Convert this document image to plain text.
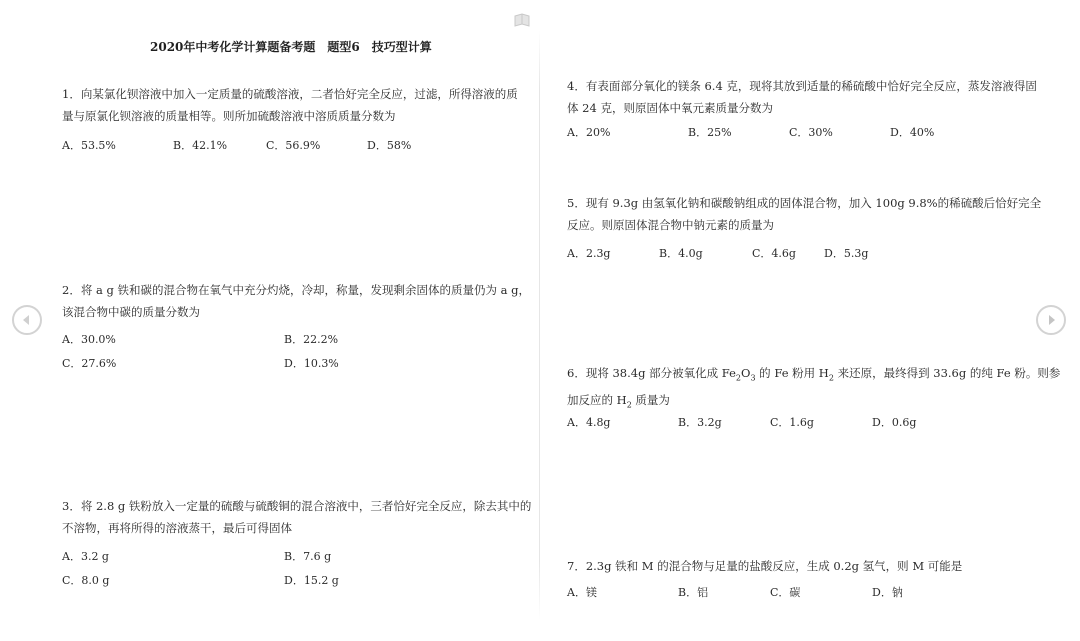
2020年中考化学计算题备考题　题型6　技巧型计算
1．向某氯化钡溶液中加入一定质量的硫酸溶液，二者恰好完全反应，过滤，所得溶液的质
量与原氯化钡溶液的质量相等。则所加硫酸溶液中溶质质量分数为
A．53.5%	B．42.1%	C．56.9%	D．58%
2．将 a g 铁和碳的混合物在氧气中充分灼烧，冷却，称量，发现剩余固体的质量仍为 a g，
该混合物中碳的质量分数为
A．30.0%	B．22.2%
C．27.6%	D．10.3%
3．将 2.8 g 铁粉放入一定量的硫酸与硫酸铜的混合溶液中，三者恰好完全反应，除去其中的
不溶物，再将所得的溶液蒸干，最后可得固体
A．3.2 g	B．7.6 g
C．8.0 g	D．15.2 g
4．有表面部分氧化的镁条 6.4 克，现将其放到适量的稀硫酸中恰好完全反应，蒸发溶液得固
体 24 克，则原固体中氧元素质量分数为
A．20%	B．25%	C．30%	D．40%
5．现有 9.3g 由氢氧化钠和碳酸钠组成的固体混合物，加入 100g 9.8%的稀硫酸后恰好完全
反应。则原固体混合物中钠元素的质量为
A．2.3g	B．4.0g	C．4.6g	D．5.3g
6．现将 38.4g 部分被氧化成 $Fe_2O_3$ 的 Fe 粉用 $H_2$ 来还原，最终得到 33.6g 的纯 Fe 粉。则参
加反应的 $H_2$ 质量为
A．4.8g	B．3.2g	C．1.6g	D．0.6g
7．2.3g 铁和 M 的混合物与足量的盐酸反应，生成 0.2g 氢气，则 M 可能是
A．镁	B．铝	C．碳	D．钠
